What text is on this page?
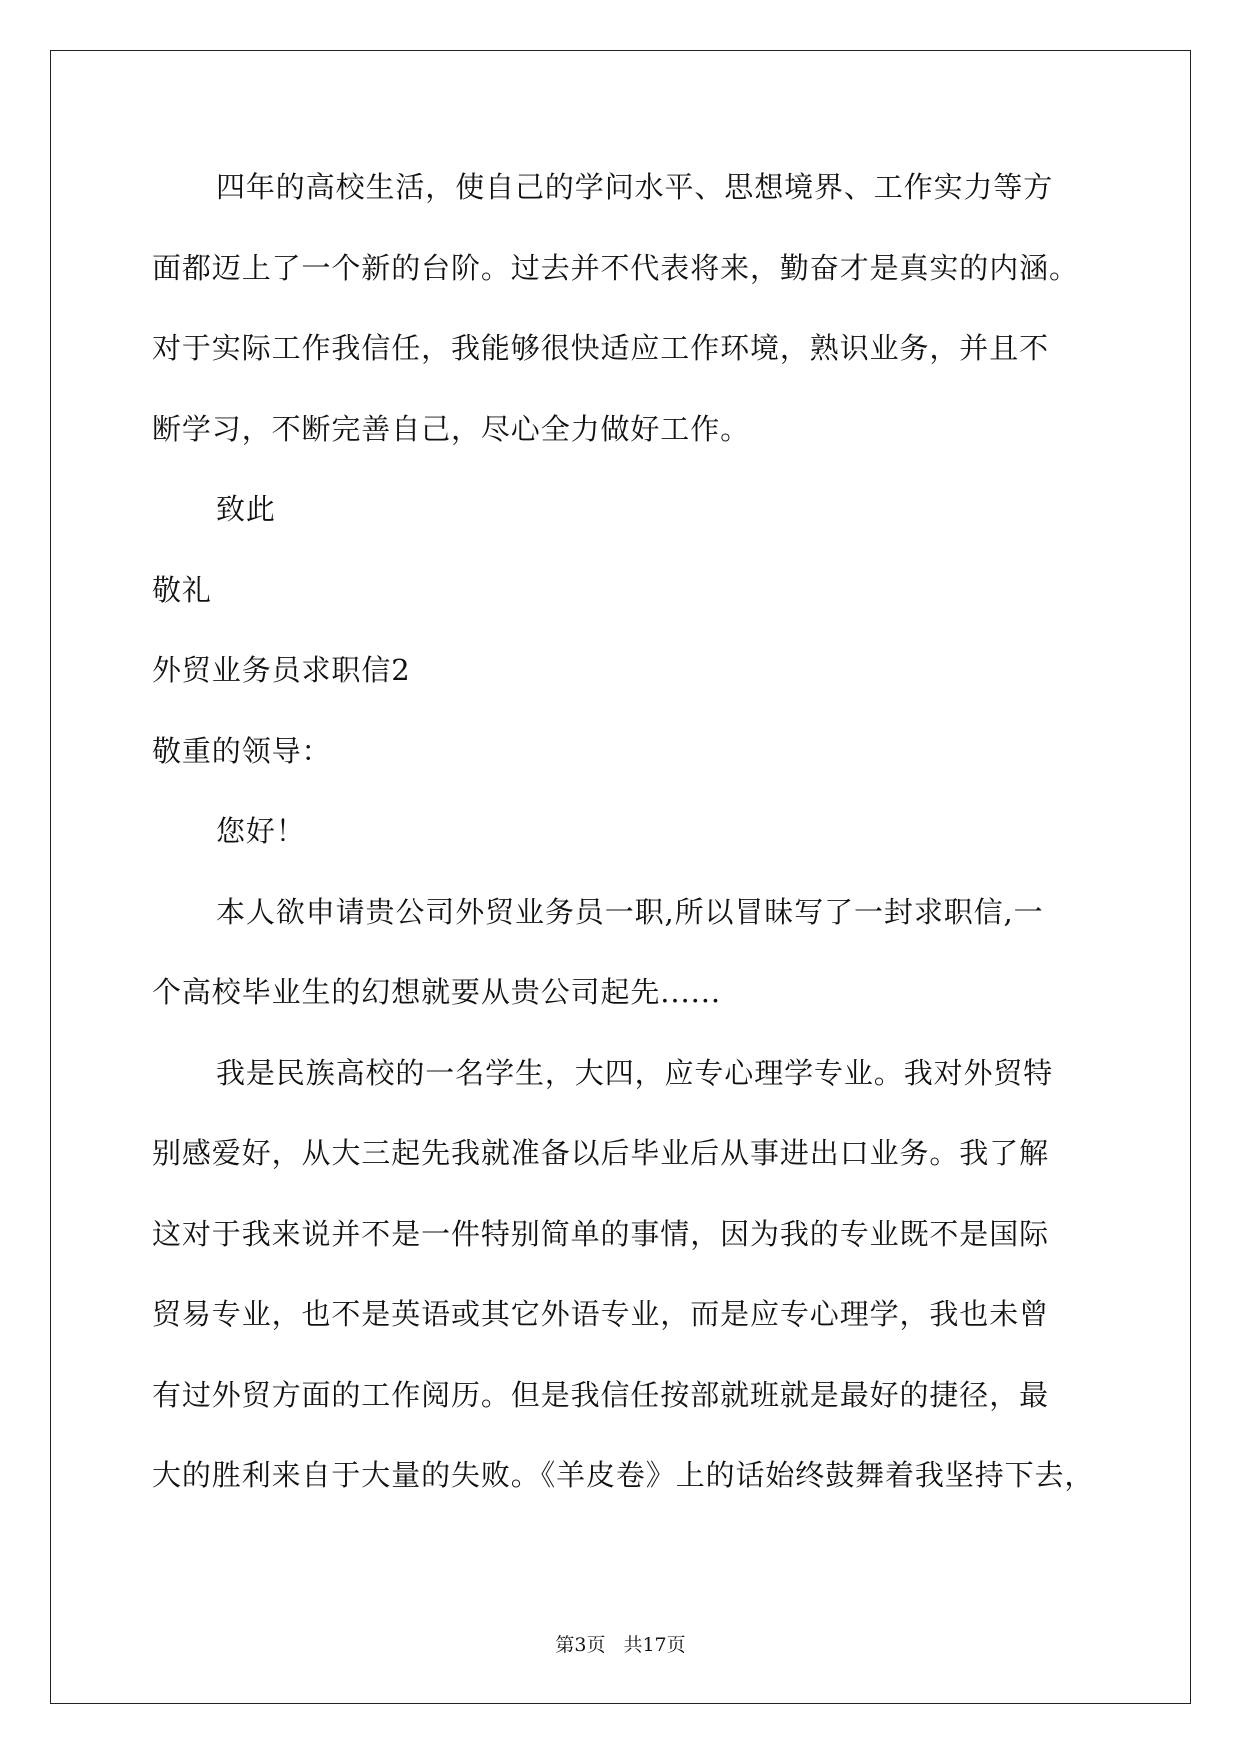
四年的高校生活，使自己的学问水平、思想境界、工作实力等方
面都迈上了一个新的台阶。过去并不代表将来，勤奋才是真实的内涵。
对于实际工作我信任，我能够很快适应工作环境，熟识业务，并且不
断学习，不断完善自己，尽心全力做好工作。
致此
敬礼
外贸业务员求职信2
敬重的领导：
您好！
本人欲申请贵公司外贸业务员一职,所以冒昧写了一封求职信,一
个高校毕业生的幻想就要从贵公司起先......
我是民族高校的一名学生，大四，应专心理学专业。我对外贸特
别感爱好，从大三起先我就准备以后毕业后从事进出口业务。我了解
这对于我来说并不是一件特别简单的事情，因为我的专业既不是国际
贸易专业，也不是英语或其它外语专业，而是应专心理学，我也未曾
有过外贸方面的工作阅历。但是我信任按部就班就是最好的捷径，最
大的胜利来自于大量的失败。《羊皮卷》上的话始终鼓舞着我坚持下去，
第3页 共17页
